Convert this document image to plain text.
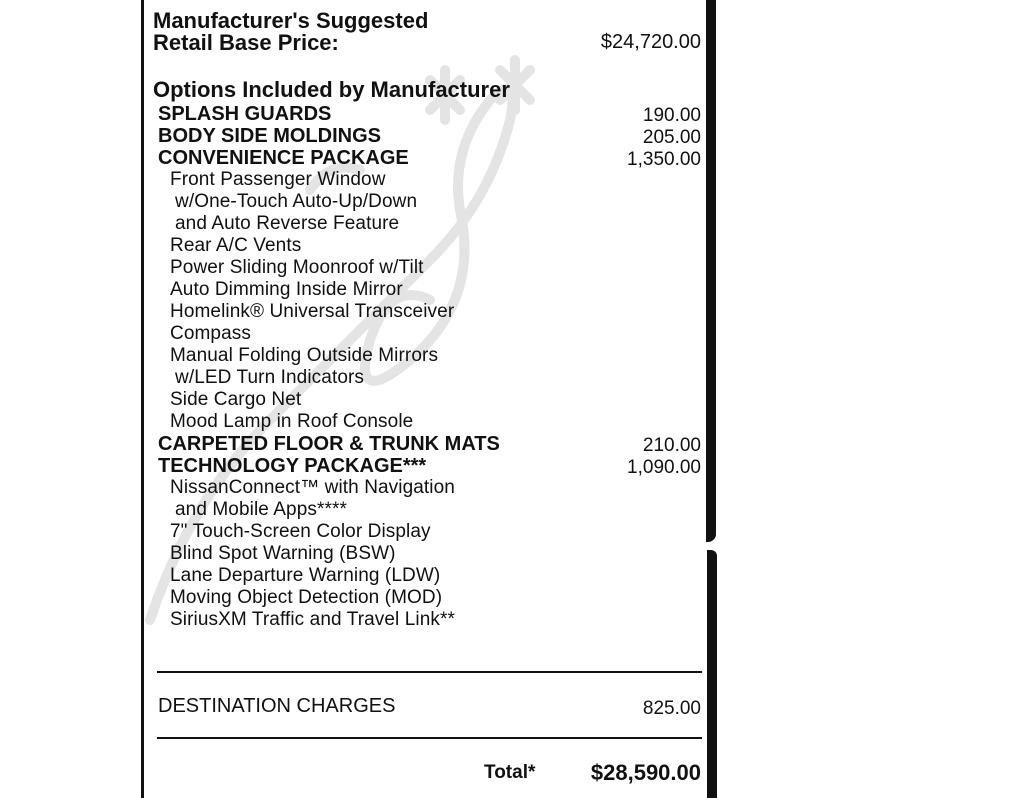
Manufacturer's Suggested
Retail Base Price:	$24,720.00
Options Included by Manufacturer
SPLASH GUARDS	190.00
BODY SIDE MOLDINGS	205.00
CONVENIENCE PACKAGE	1,350.00
Front Passenger Window
w/One-Touch Auto-Up/Down
and Auto Reverse Feature
Rear A/C Vents
Power Sliding Moonroof w/Tilt
Auto Dimming Inside Mirror
Homelink® Universal Transceiver
Compass
Manual Folding Outside Mirrors
w/LED Turn Indicators
Side Cargo Net
Mood Lamp in Roof Console
CARPETED FLOOR & TRUNK MATS	210.00
TECHNOLOGY PACKAGE***	1,090.00
NissanConnect™ with Navigation
and Mobile Apps****
7" Touch-Screen Color Display
Blind Spot Warning (BSW)
Lane Departure Warning (LDW)
Moving Object Detection (MOD)
SiriusXM Traffic and Travel Link**
DESTINATION CHARGES	825.00
Total*	$28,590.00
